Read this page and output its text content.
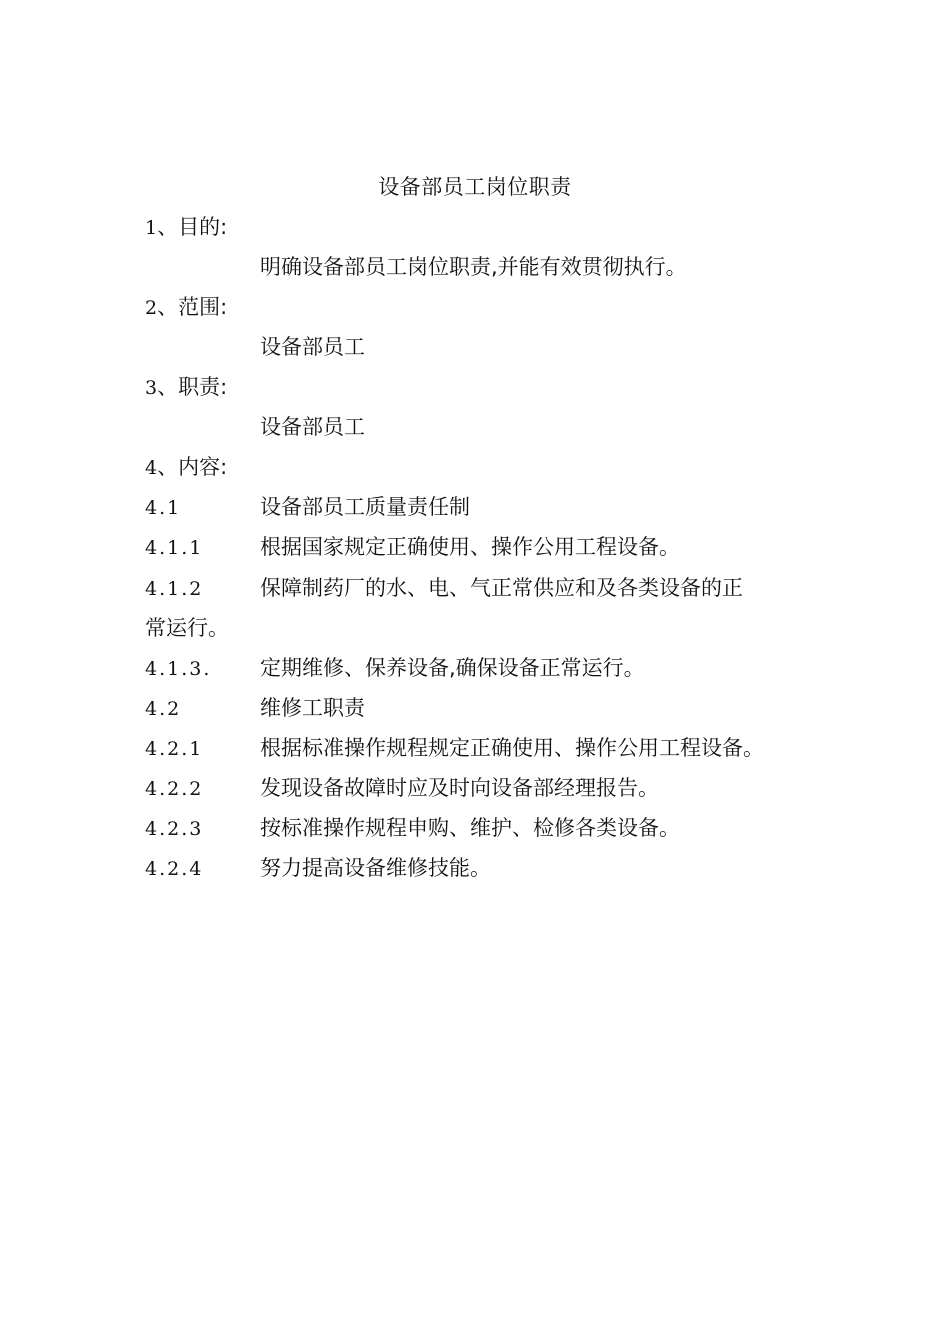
设备部员工岗位职责
1、目的:
明确设备部员工岗位职责,并能有效贯彻执行。
2、范围:
设备部员工
3、职责:
设备部员工
4、内容:
4.1	设备部员工质量责任制
4.1.1	根据国家规定正确使用、操作公用工程设备。
4.1.2	保障制药厂的水、电、气正常供应和及各类设备的正
常运行。
4.1.3. 定期维修、保养设备,确保设备正常运行。
4.2	维修工职责
4.2.1	根据标准操作规程规定正确使用、操作公用工程设备。
4.2.2	发现设备故障时应及时向设备部经理报告。
4.2.3	按标准操作规程申购、维护、检修各类设备。
4.2.4	努力提高设备维修技能。
